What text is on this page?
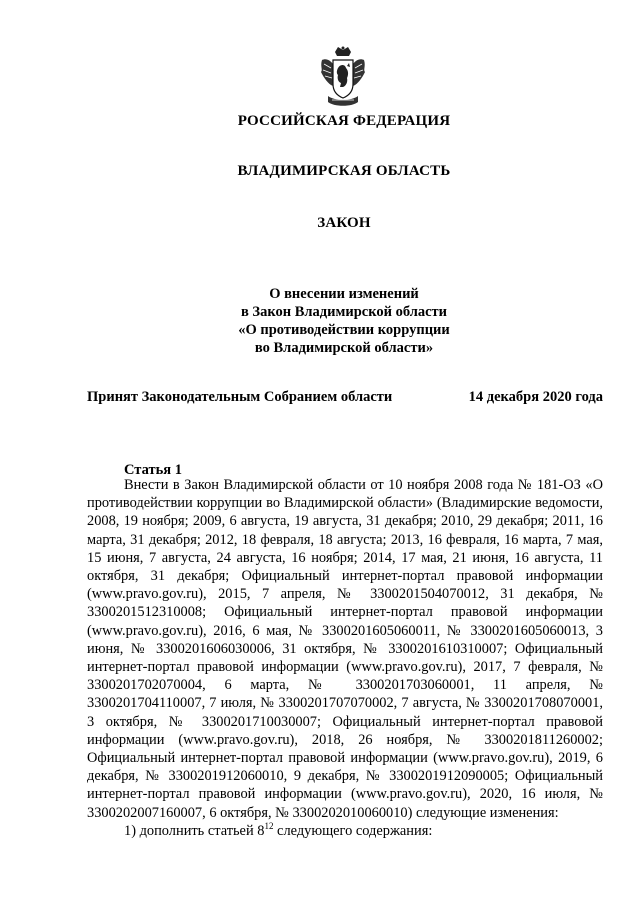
РОССИЙСКАЯ ФЕДЕРАЦИЯ
ВЛАДИМИРСКАЯ ОБЛАСТЬ
ЗАКОН
О внесении изменений
в Закон Владимирской области
«О противодействии коррупции
во Владимирской области»
Принят Законодательным Собранием области	14 декабря 2020 года
Статья 1

Внести в Закон Владимирской области от 10 ноября 2008 года № 181-ОЗ «О противодействии коррупции во Владимирской области» (Владимирские ведомости, 2008, 19 ноября; 2009, 6 августа, 19 августа, 31 декабря; 2010, 29 декабря; 2011, 16 марта, 31 декабря; 2012, 18 февраля, 18 августа; 2013, 16 февраля, 16 марта, 7 мая, 15 июня, 7 августа, 24 августа, 16 ноября; 2014, 17 мая, 21 июня, 16 августа, 11 октября, 31 декабря; Официальный интернет-портал правовой информации (www.pravo.gov.ru), 2015, 7 апреля, № 3300201504070012, 31 декабря, № 3300201512310008; Официальный интернет-портал правовой информации (www.pravo.gov.ru), 2016, 6 мая, № 3300201605060011, № 3300201605060013, 3 июня, № 3300201606030006, 31 октября, № 3300201610310007; Официальный интернет-портал правовой информации (www.pravo.gov.ru), 2017, 7 февраля, № 3300201702070004, 6 марта, № 3300201703060001, 11 апреля, № 3300201704110007, 7 июля, № 3300201707070002, 7 августа, № 3300201708070001, 3 октября, № 3300201710030007; Официальный интернет-портал правовой информации (www.pravo.gov.ru), 2018, 26 ноября, № 3300201811260002; Официальный интернет-портал правовой информации (www.pravo.gov.ru), 2019, 6 декабря, № 3300201912060010, 9 декабря, № 3300201912090005; Официальный интернет-портал правовой информации (www.pravo.gov.ru), 2020, 16 июля, № 3300202007160007, 6 октября, № 3300202010060010) следующие изменения:

1) дополнить статьей $8^{12}$ следующего содержания:
